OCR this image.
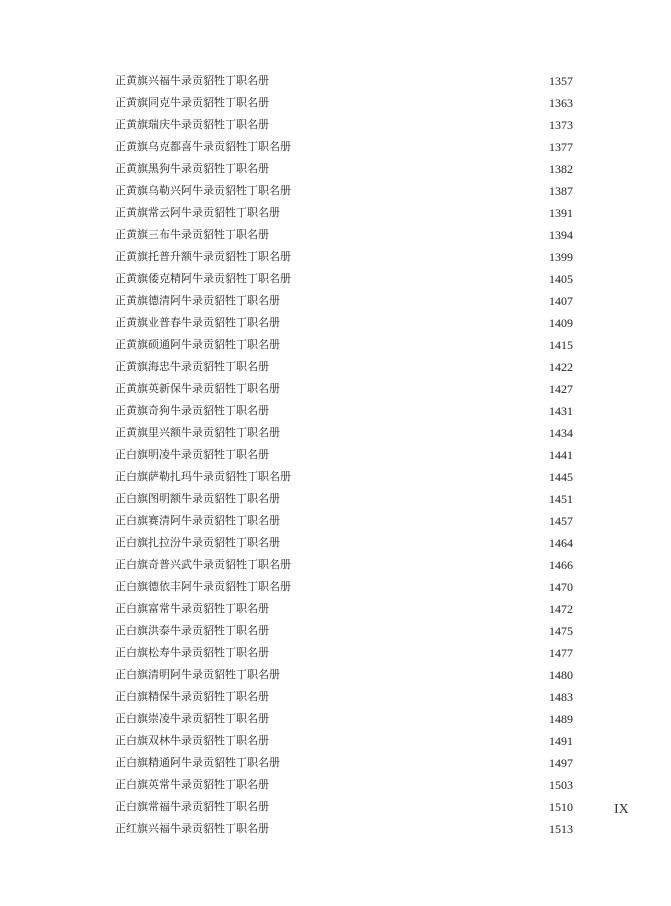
正黄旗兴福牛录贡貂牲丁职名册	1357
正黄旗同克牛录贡貂牲丁职名册	1363
正黄旗瑞庆牛录贡貂牲丁职名册	1373
正黄旗乌克都喜牛录贡貂牲丁职名册	1377
正黄旗黑狗牛录贡貂牲丁职名册	1382
正黄旗乌勒兴阿牛录贡貂牲丁职名册	1387
正黄旗常云阿牛录贡貂牲丁职名册	1391
正黄旗三布牛录贡貂牲丁职名册	1394
正黄旗托普升额牛录贡貂牲丁职名册	1399
正黄旗倭克精阿牛录贡貂牲丁职名册	1405
正黄旗德清阿牛录贡貂牲丁职名册	1407
正黄旗业普春牛录贡貂牲丁职名册	1409
正黄旗硕通阿牛录贡貂牲丁职名册	1415
正黄旗海忠牛录贡貂牲丁职名册	1422
正黄旗英新保牛录贡貂牲丁职名册	1427
正黄旗奇狗牛录贡貂牲丁职名册	1431
正黄旗里兴额牛录贡貂牲丁职名册	1434
正白旗明凌牛录贡貂牲丁职名册	1441
正白旗萨勒扎玛牛录贡貂牲丁职名册	1445
正白旗图明额牛录贡貂牲丁职名册	1451
正白旗赛清阿牛录贡貂牲丁职名册	1457
正白旗扎拉汾牛录贡貂牲丁职名册	1464
正白旗奇普兴武牛录贡貂牲丁职名册	1466
正白旗德依丰阿牛录贡貂牲丁职名册	1470
正白旗富常牛录贡貂牲丁职名册	1472
正白旗洪泰牛录贡貂牲丁职名册	1475
正白旗松寿牛录贡貂牲丁职名册	1477
正白旗清明阿牛录贡貂牲丁职名册	1480
正白旗精保牛录贡貂牲丁职名册	1483
正白旗崇凌牛录贡貂牲丁职名册	1489
正白旗双林牛录贡貂牲丁职名册	1491
正白旗精通阿牛录贡貂牲丁职名册	1497
正白旗英常牛录贡貂牲丁职名册	1503
正白旗常福牛录贡貂牲丁职名册	1510
正红旗兴福牛录贡貂牲丁职名册	1513
IX
